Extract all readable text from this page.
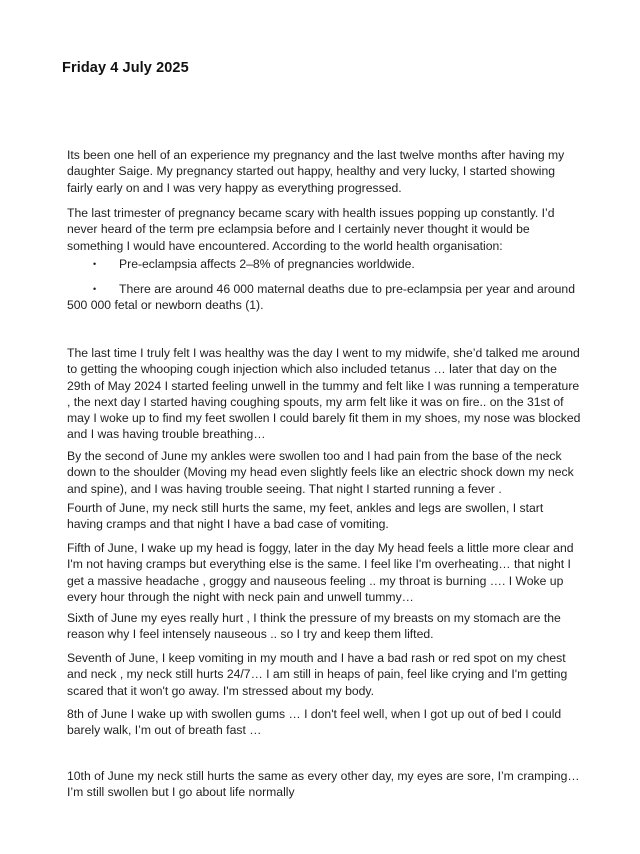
Friday 4 July 2025

Its been one hell of an experience my pregnancy and the last twelve months after having my daughter Saige. My pregnancy started out happy, healthy and very lucky, I started showing fairly early on and I was very happy as everything progressed.

The last trimester of pregnancy became scary with health issues popping up constantly. I’d never heard of the term pre eclampsia before and I certainly never thought it would be something I would have encountered. According to the world health organisation:

•	Pre-eclampsia affects 2–8% of pregnancies worldwide.
•	There are around 46 000 maternal deaths due to pre-eclampsia per year and around 500 000 fetal or newborn deaths (1).

The last time I truly felt I was healthy was the day I went to my midwife, she’d talked me around to getting the whooping cough injection which also included tetanus … later that day on the 29th of May 2024 I started feeling unwell in the tummy and felt like I was running a temperature , the next day I started having coughing spouts, my arm felt like it was on fire.. on the 31st of may I woke up to find my feet swollen I could barely fit them in my shoes, my nose was blocked and I was having trouble breathing…

By the second of June my ankles were swollen too and I had pain from the base of the neck down to the shoulder (Moving my head even slightly feels like an electric shock down my neck and spine), and I was having trouble seeing. That night I started running a fever .

Fourth of June, my neck still hurts the same, my feet, ankles and legs are swollen, I start having cramps and that night I have a bad case of vomiting.

Fifth of June, I wake up my head is foggy, later in the day My head feels a little more clear and I'm not having cramps but everything else is the same. I feel like I'm overheating… that night I get a massive headache , groggy and nauseous feeling .. my throat is burning …. I Woke up every hour through the night with neck pain and unwell tummy…

Sixth of June my eyes really hurt , I think the pressure of my breasts on my stomach are the reason why I feel intensely nauseous .. so I try and keep them lifted.

Seventh of June, I keep vomiting in my mouth and I have a bad rash or red spot on my chest and neck , my neck still hurts 24/7… I am still in heaps of pain, feel like crying and I'm getting scared that it won't go away. I'm stressed about my body.

8th of June I wake up with swollen gums … I don't feel well, when I got up out of bed I could barely walk, I’m out of breath fast …

10th of June my neck still hurts the same as every other day, my eyes are sore, I’m cramping… I’m still swollen but I go about life normally
